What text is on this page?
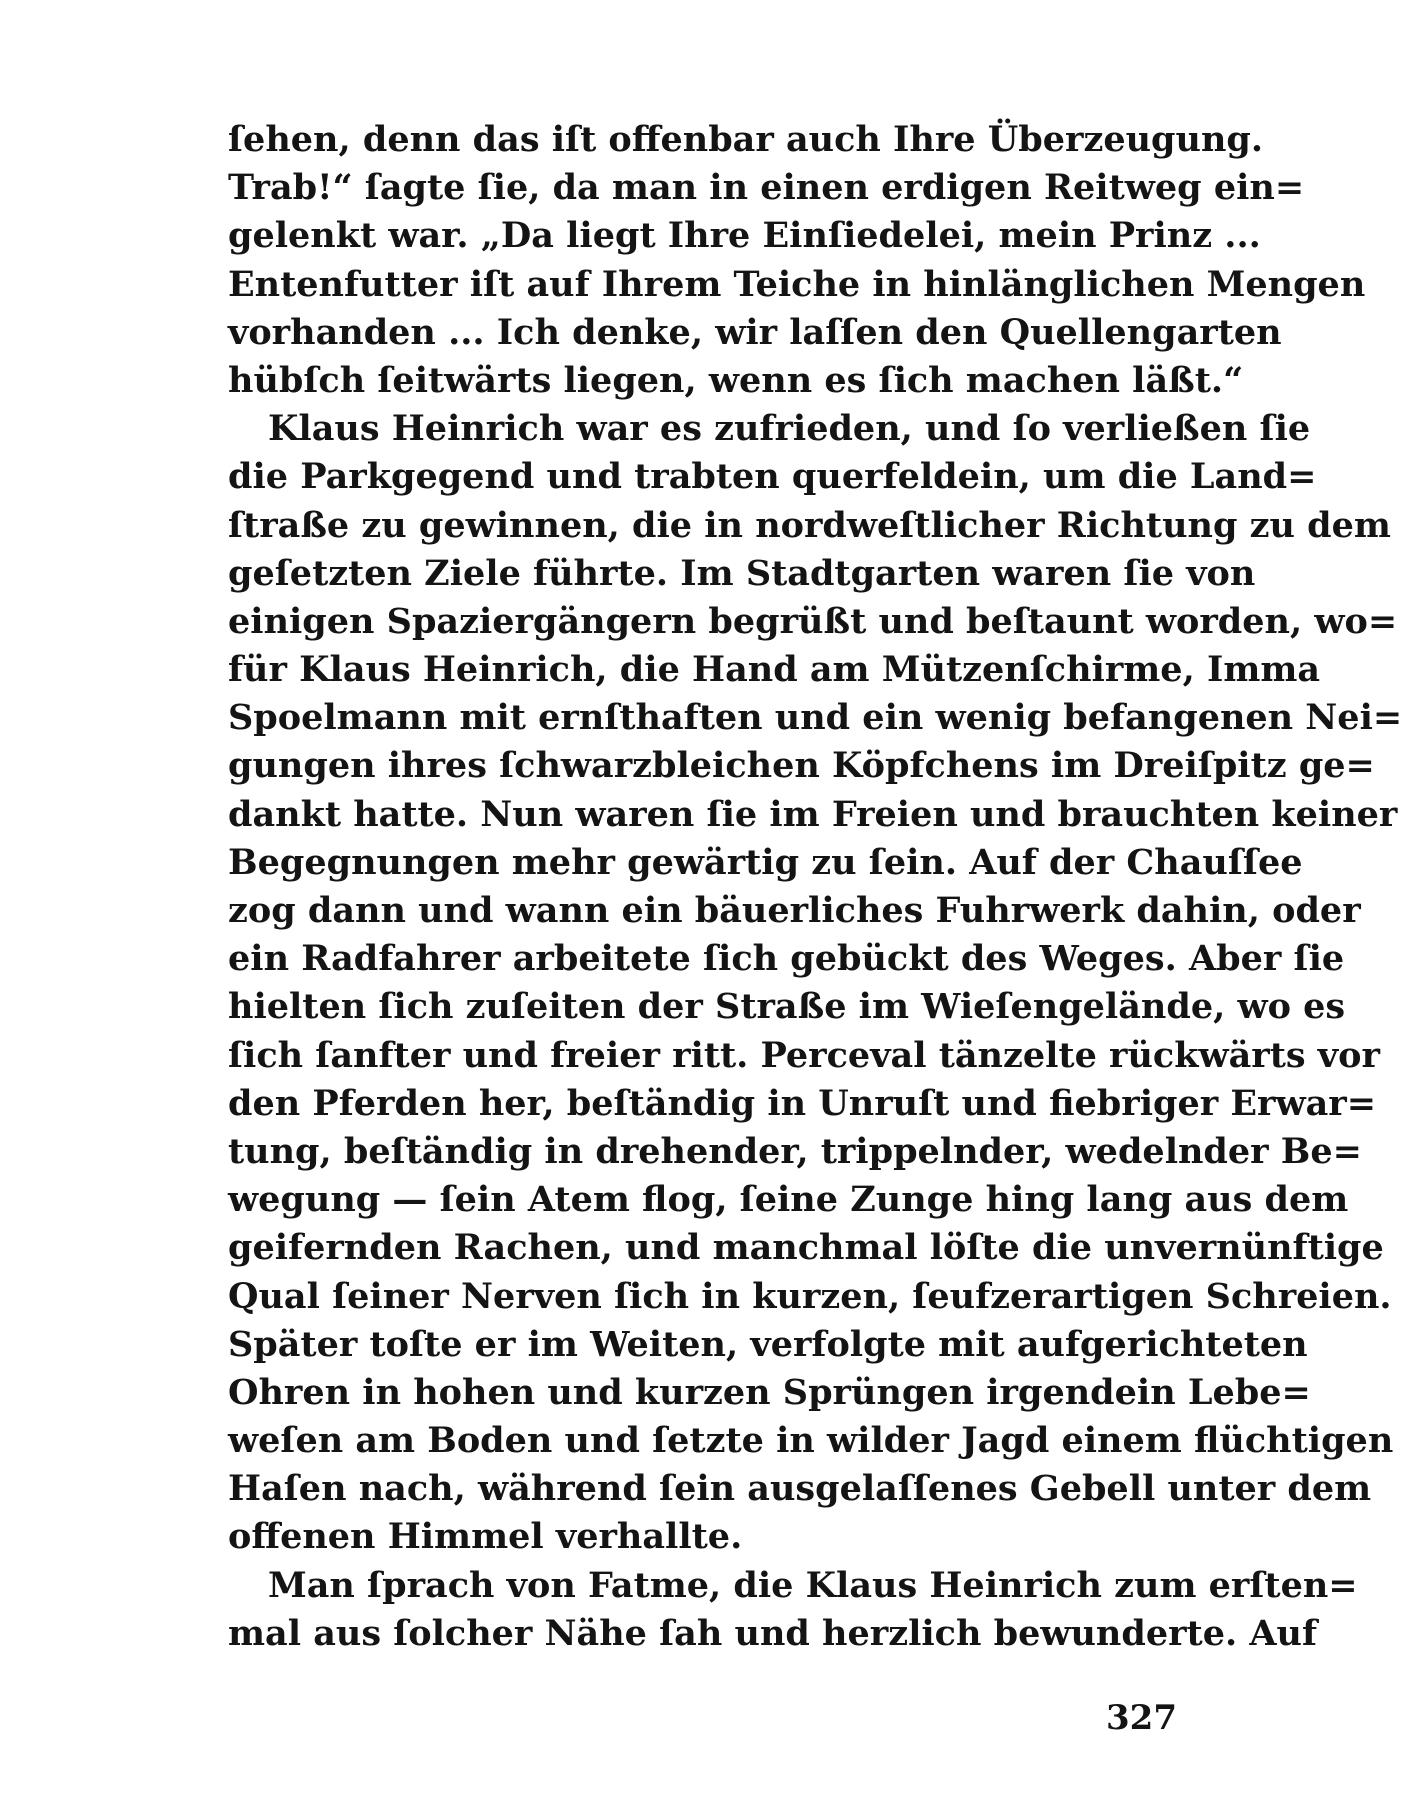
ſehen, denn das iſt offenbar auch Ihre Überzeugung.
Trab!“ ſagte ſie, da man in einen erdigen Reitweg ein=
gelenkt war. „Da liegt Ihre Einſiedelei, mein Prinz ...
Entenfutter iſt auf Ihrem Teiche in hinlänglichen Mengen
vorhanden ... Ich denke, wir laſſen den Quellengarten
hübſch ſeitwärts liegen, wenn es ſich machen läßt.“
Klaus Heinrich war es zufrieden, und ſo verließen ſie
die Parkgegend und trabten querfeldein, um die Land=
ſtraße zu gewinnen, die in nordweſtlicher Richtung zu dem
geſetzten Ziele führte. Im Stadtgarten waren ſie von
einigen Spaziergängern begrüßt und beſtaunt worden, wo=
für Klaus Heinrich, die Hand am Mützenſchirme, Imma
Spoelmann mit ernſthaften und ein wenig befangenen Nei=
gungen ihres ſchwarzbleichen Köpfchens im Dreiſpitz ge=
dankt hatte. Nun waren ſie im Freien und brauchten keiner
Begegnungen mehr gewärtig zu ſein. Auf der Chauſſee
zog dann und wann ein bäuerliches Fuhrwerk dahin, oder
ein Radfahrer arbeitete ſich gebückt des Weges. Aber ſie
hielten ſich zuſeiten der Straße im Wieſengelände, wo es
ſich ſanfter und freier ritt. Perceval tänzelte rückwärts vor
den Pferden her, beſtändig in Unruſt und fiebriger Erwar=
tung, beſtändig in drehender, trippelnder, wedelnder Be=
wegung — ſein Atem flog, ſeine Zunge hing lang aus dem
geifernden Rachen, und manchmal löſte die unvernünftige
Qual ſeiner Nerven ſich in kurzen, ſeufzerartigen Schreien.
Später toſte er im Weiten, verfolgte mit aufgerichteten
Ohren in hohen und kurzen Sprüngen irgendein Lebe=
weſen am Boden und ſetzte in wilder Jagd einem flüchtigen
Haſen nach, während ſein ausgelaſſenes Gebell unter dem
offenen Himmel verhallte.
Man ſprach von Fatme, die Klaus Heinrich zum erſten=
mal aus ſolcher Nähe ſah und herzlich bewunderte. Auf
327
